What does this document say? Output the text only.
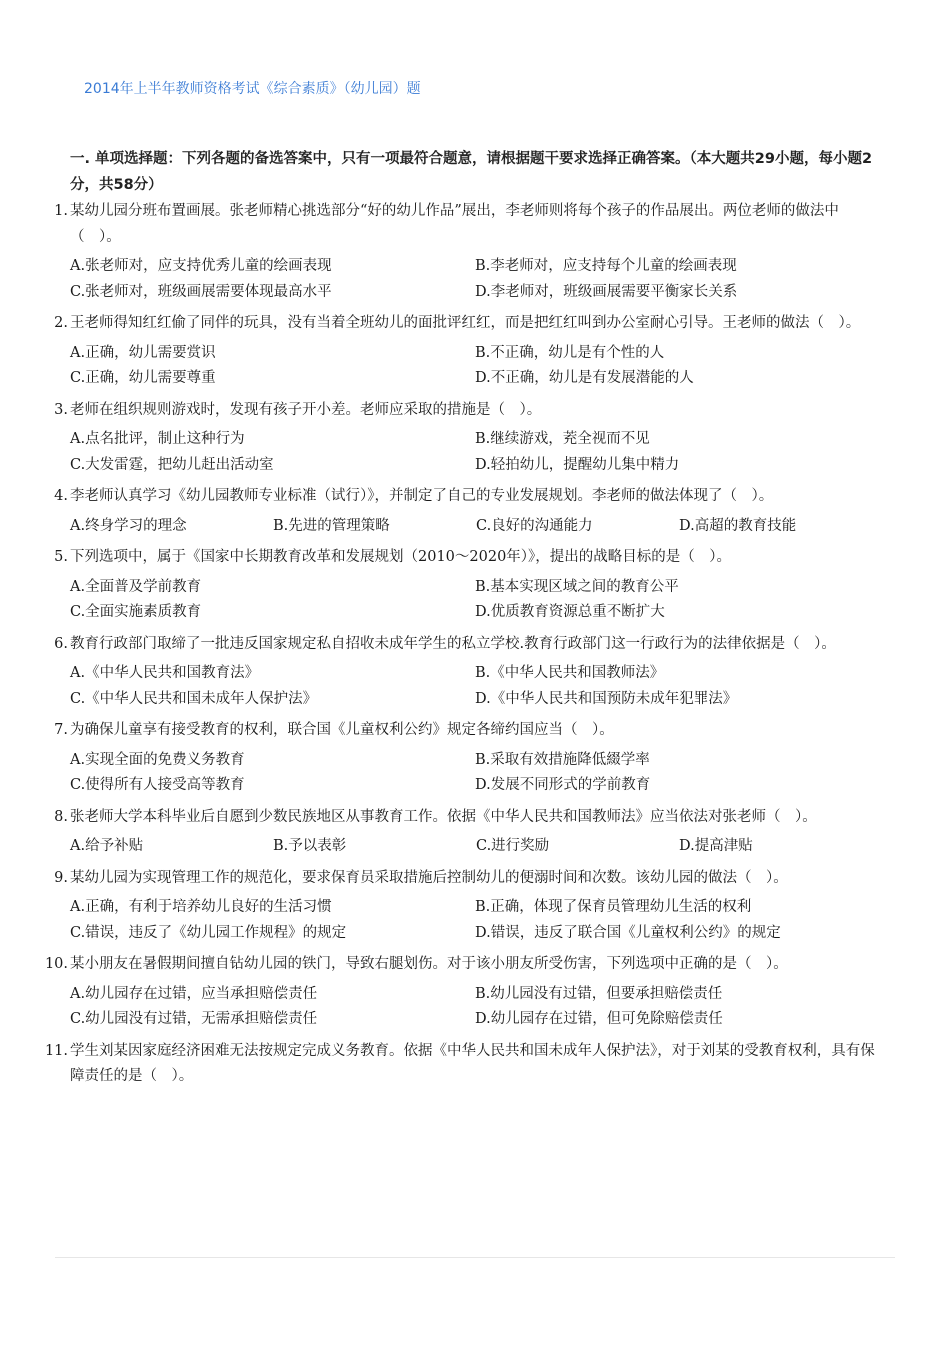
2014年上半年教师资格考试《综合素质》（幼儿园）题
一. 单项选择题：下列各题的备选答案中，只有一项最符合题意，请根据题干要求选择正确答案。（本大题共29小题，每小题2分，共58分）
1. 某幼儿园分班布置画展。张老师精心挑选部分“好的幼儿作品”展出，李老师则将每个孩子的作品展出。两位老师的做法中（　）。
A.张老师对，应支持优秀儿童的绘画表现	B.李老师对，应支持每个儿童的绘画表现
C.张老师对，班级画展需要体现最高水平	D.李老师对，班级画展需要平衡家长关系
2. 王老师得知红红偷了同伴的玩具，没有当着全班幼儿的面批评红红，而是把红红叫到办公室耐心引导。王老师的做法（　）。
A.正确，幼儿需要赏识	B.不正确，幼儿是有个性的人
C.正确，幼儿需要尊重	D.不正确，幼儿是有发展潜能的人
3. 老师在组织规则游戏时，发现有孩子开小差。老师应采取的措施是（　）。
A.点名批评，制止这种行为	B.继续游戏，茺全视而不见
C.大发雷霆，把幼儿赶出活动室	D.轻拍幼儿，提醒幼儿集中精力
4. 李老师认真学习《幼儿园教师专业标准（试行）》，并制定了自己的专业发展规划。李老师的做法体现了（　）。
A.终身学习的理念	B.先进的管理策略	C.良好的沟通能力	D.高超的教育技能
5. 下列选项中，属于《国家中长期教育改革和发展规划（2010～2020年）》，提出的战略目标的是（　）。
A.全面普及学前教育	B.基本实现区域之间的教育公平
C.全面实施素质教育	D.优质教育资源总重不断扩大
6. 教育行政部门取缔了一批违反国家规定私自招收未成年学生的私立学校.教育行政部门这一行政行为的法律依据是（　）。
A.《中华人民共和国教育法》	B.《中华人民共和国教师法》
C.《中华人民共和国未成年人保护法》	D.《中华人民共和国预防未成年犯罪法》
7. 为确保儿童享有接受教育的权利，联合国《儿童权利公约》规定各缔约国应当（　）。
A.实现全面的免费义务教育	B.采取有效措施降低綴学率
C.使得所有人接受高等教育	D.发展不同形式的学前教育
8. 张老师大学本科毕业后自愿到少数民族地区从事教育工作。依据《中华人民共和国教师法》应当依法对张老师（　）。
A.给予补贴	B.予以表彰	C.进行奖励	D.提高津贴
9. 某幼儿园为实现管理工作的规范化，要求保育员采取措施后控制幼儿的便溺时间和次数。该幼儿园的做法（　）。
A.正确，有利于培养幼儿良好的生活习惯	B.正确，体现了保育员管理幼儿生活的权利
C.错误，违反了《幼儿园工作规程》的规定	D.错误，违反了联合国《儿童权利公约》的规定
10. 某小朋友在暑假期间擅自钻幼儿园的铁门，导致右腿划伤。对于该小朋友所受伤害，下列选项中正确的是（　）。
A.幼儿园存在过错，应当承担赔偿责任	B.幼儿园没有过错，但要承担赔偿责任
C.幼儿园没有过错，无需承担赔偿责任	D.幼儿园存在过错，但可免除赔偿责任
11. 学生刘某因家庭经济困难无法按规定完成义务教育。依据《中华人民共和国未成年人保护法》，对于刘某的受教育权利，具有保障责任的是（　）。
